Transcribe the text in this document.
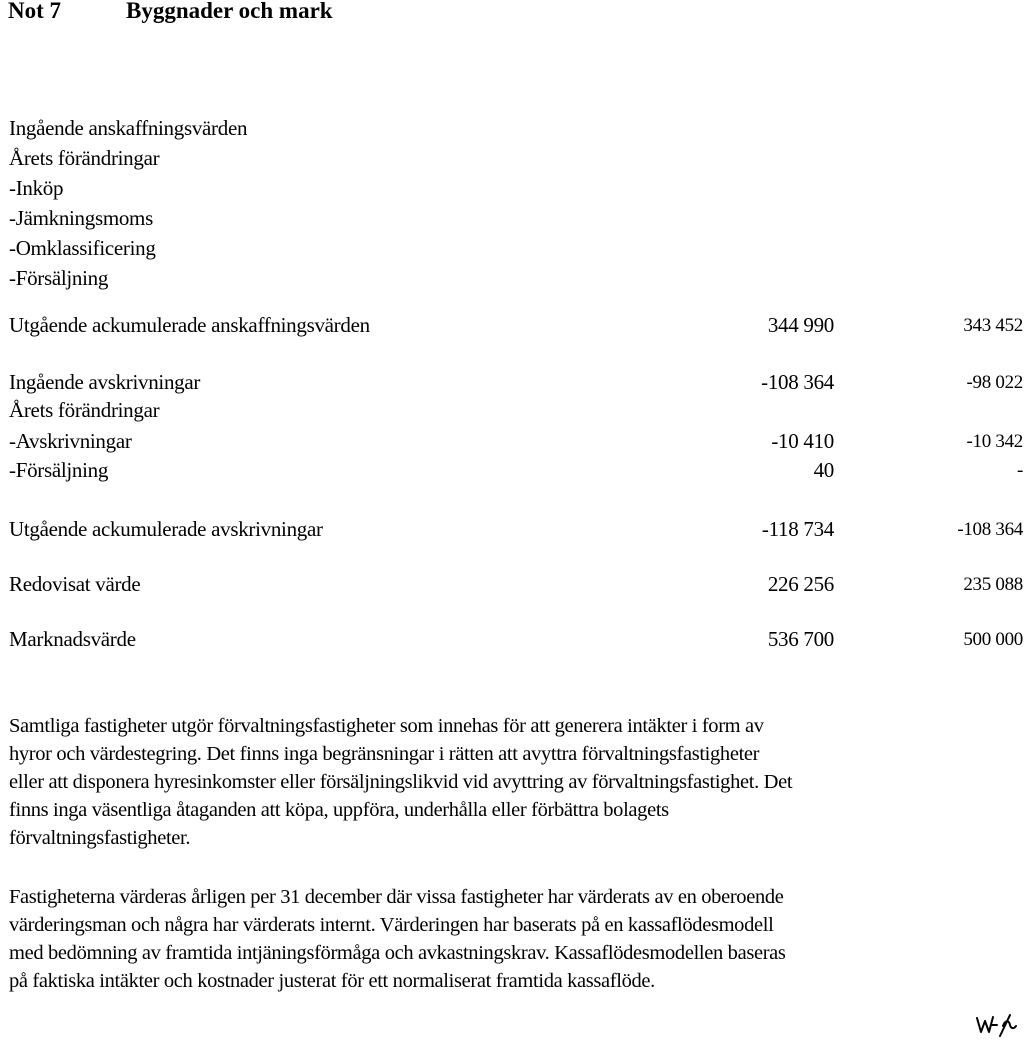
Not 7	Byggnader och mark
Ingående anskaffningsvärden
Årets förändringar
-Inköp
-Jämkningsmoms
-Omklassificering
-Försäljning
Utgående ackumulerade anskaffningsvärden	344 990	343 452
Ingående avskrivningar	-108 364	-98 022
Årets förändringar
-Avskrivningar	-10 410	-10 342
-Försäljning	40	-
Utgående ackumulerade avskrivningar	-118 734	-108 364
Redovisat värde	226 256	235 088
Marknadsvärde	536 700	500 000
Samtliga fastigheter utgör förvaltningsfastigheter som innehas för att generera intäkter i form av
hyror och värdestegring. Det finns inga begränsningar i rätten att avyttra förvaltningsfastigheter
eller att disponera hyresinkomster eller försäljningslikvid vid avyttring av förvaltningsfastighet. Det
finns inga väsentliga åtaganden att köpa, uppföra, underhålla eller förbättra bolagets
förvaltningsfastigheter.
Fastigheterna värderas årligen per 31 december där vissa fastigheter har värderats av en oberoende
värderingsman och några har värderats internt. Värderingen har baserats på en kassaflödesmodell
med bedömning av framtida intjäningsförmåga och avkastningskrav. Kassaflödesmodellen baseras
på faktiska intäkter och kostnader justerat för ett normaliserat framtida kassaflöde.
